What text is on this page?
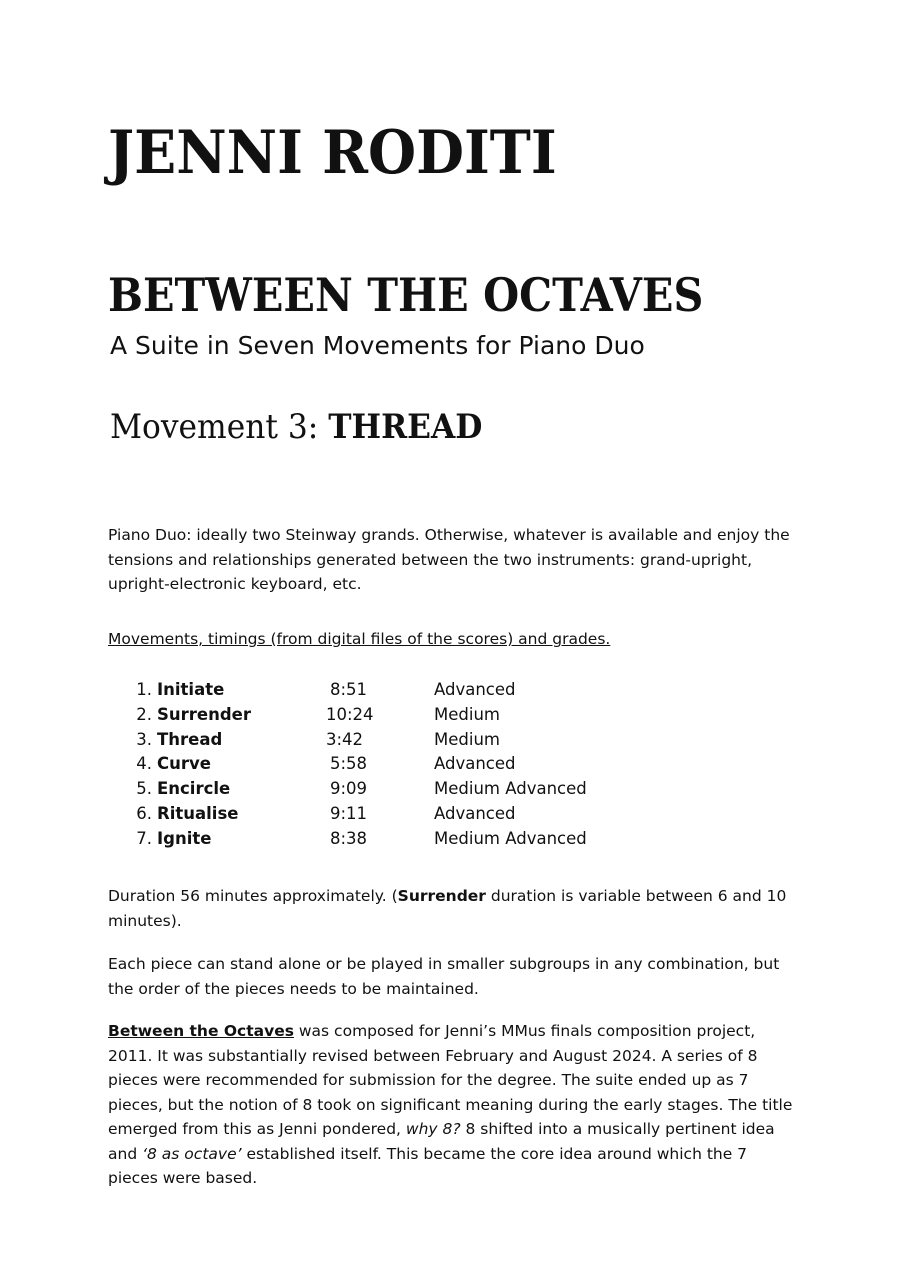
JENNI RODITI
BETWEEN THE OCTAVES

A Suite in Seven Movements for Piano Duo

Movement 3: THREAD

Piano Duo: ideally two Steinway grands. Otherwise, whatever is available and enjoy the tensions and relationships generated between the two instruments: grand-upright, upright-electronic keyboard, etc.

Movements, timings (from digital files of the scores) and grades.

1. Initiate	8:51	Advanced
2. Surrender	10:24	Medium
3. Thread	3:42	Medium
4. Curve	5:58	Advanced
5. Encircle	9:09	Medium Advanced
6. Ritualise	9:11	Advanced
7. Ignite	8:38	Medium Advanced

Duration 56 minutes approximately. (Surrender duration is variable between 6 and 10 minutes).

Each piece can stand alone or be played in smaller subgroups in any combination, but the order of the pieces needs to be maintained.

Between the Octaves was composed for Jenni’s MMus finals composition project, 2011. It was substantially revised between February and August 2024. A series of 8 pieces were recommended for submission for the degree. The suite ended up as 7 pieces, but the notion of 8 took on significant meaning during the early stages. The title emerged from this as Jenni pondered, why 8? 8 shifted into a musically pertinent idea and ‘8 as octave’ established itself. This became the core idea around which the 7 pieces were based.
